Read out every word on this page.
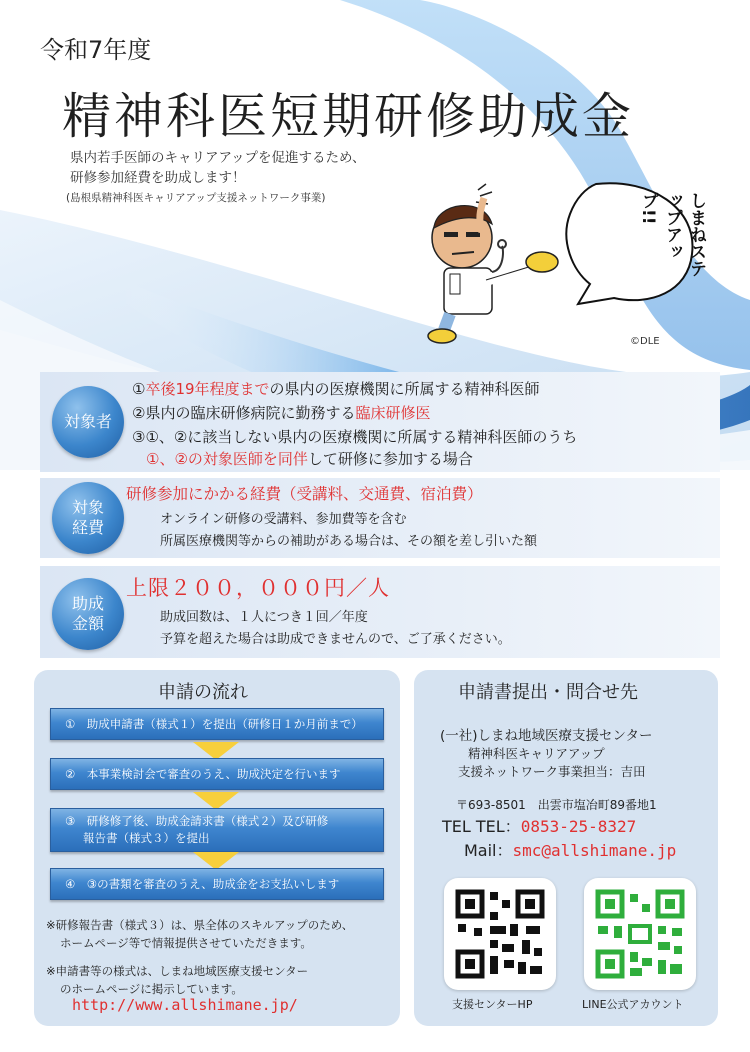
令和7年度
精神科医短期研修助成金
県内若手医師のキャリアアップを促進するため、
研修参加経費を助成します！
(島根県精神科医キャリアアップ支援ネットワーク事業)	しまねステップアップ!!
©DLE
対象者
①卒後19年程度までの県内の医療機関に所属する精神科医師
②県内の臨床研修病院に勤務する臨床研修医
③①、②に該当しない県内の医療機関に所属する精神科医師のうち
①、②の対象医師を同伴して研修に参加する場合
対象
経費
研修参加にかかる経費（受講料、交通費、宿泊費）
オンライン研修の受講料、参加費等を含む
所属医療機関等からの補助がある場合は、その額を差し引いた額
助成
金額
上限２００，０００円／人
助成回数は、１人につき１回／年度
予算を超えた場合は助成できませんので、ご了承ください。
申請の流れ
①　助成申請書（様式１）を提出（研修日１か月前まで）
②　本事業検討会で審査のうえ、助成決定を行います
③　研修修了後、助成金請求書（様式２）及び研修
報告書（様式３）を提出
④　③の書類を審査のうえ、助成金をお支払いします
※研修報告書（様式３）は、県全体のスキルアップのため、
ホームページ等で情報提供させていただきます。
※申請書等の様式は、しまね地域医療支援センター
のホームページに掲示しています。
http://www.allshimane.jp/
申請書提出・問合せ先
(一社)しまね地域医療支援センター
精神科医キャリアアップ
支援ネットワーク事業担当：吉田
〒693-8501　出雲市塩冶町89番地1
TEL TEL：0853-25-8327
Mail：smc@allshimane.jp
支援センターHP	LINE公式アカウント
